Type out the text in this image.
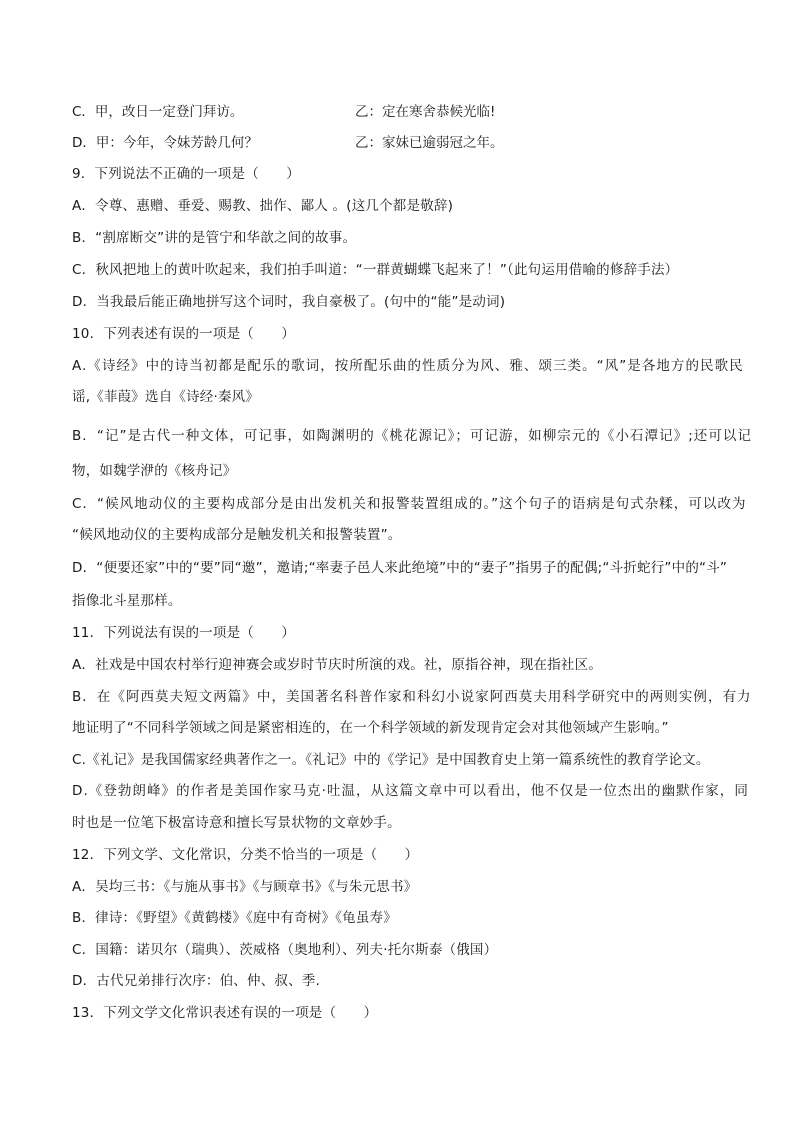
C．甲，改日一定登门拜访。	乙：定在寒舍恭候光临!
D．甲：今年，令妹芳龄几何？	乙：家妹已逾弱冠之年。
9．下列说法不正确的一项是（　　）
A．令尊、惠赠、垂爱、赐教、拙作、鄙人 。(这几个都是敬辞)
B．“割席断交”讲的是管宁和华歆之间的故事。
C．秋风把地上的黄叶吹起来，我们拍手叫道：“一群黄蝴蝶飞起来了！”（此句运用借喻的修辞手法）
D．当我最后能正确地拼写这个词时，我自豪极了。(句中的“能”是动词)
10．下列表述有误的一项是（　　）
A.《诗经》中的诗当初都是配乐的歌词，按所配乐曲的性质分为风、雅、颂三类。“风”是各地方的民歌民
谣,《菲葭》选自《诗经·秦风》
B．“记”是古代一种文体，可记事，如陶渊明的《桃花源记》；可记游，如柳宗元的《小石潭记》;还可以记
物，如魏学洢的《核舟记》
C．“候风地动仪的主要构成部分是由出发机关和报警装置组成的。”这个句子的语病是句式杂糅，可以改为
“候风地动仪的主要构成部分是触发机关和报警装置”。
D．“便要还家”中的“要”同“邀”，邀请;“率妻子邑人来此绝境”中的“妻子”指男子的配偶;“斗折蛇行”中的“斗”
指像北斗星那样。
11．下列说法有误的一项是（　　）
A．社戏是中国农村举行迎神赛会或岁时节庆时所演的戏。社，原指谷神，现在指社区。
B．在《阿西莫夫短文两篇》中，美国著名科普作家和科幻小说家阿西莫夫用科学研究中的两则实例，有力
地证明了“不同科学领域之间是紧密相连的，在一个科学领域的新发现肯定会对其他领域产生影响。”
C.《礼记》是我国儒家经典著作之一。《礼记》中的《学记》是中国教育史上第一篇系统性的教育学论文。
D.《登勃朗峰》的作者是美国作家马克·吐温，从这篇文章中可以看出，他不仅是一位杰出的幽默作家，同
时也是一位笔下极富诗意和擅长写景状物的文章妙手。
12．下列文学、文化常识，分类不恰当的一项是（　　）
A．吴均三书：《与施从事书》《与顾章书》《与朱元思书》
B．律诗：《野望》《黄鹤楼》《庭中有奇树》《龟虽寿》
C．国籍：诺贝尔（瑞典）、茨威格（奥地利）、列夫·托尔斯泰（俄国）
D．古代兄弟排行次序：伯、仲、叔、季.
13．下列文学文化常识表述有误的一项是（　　）
